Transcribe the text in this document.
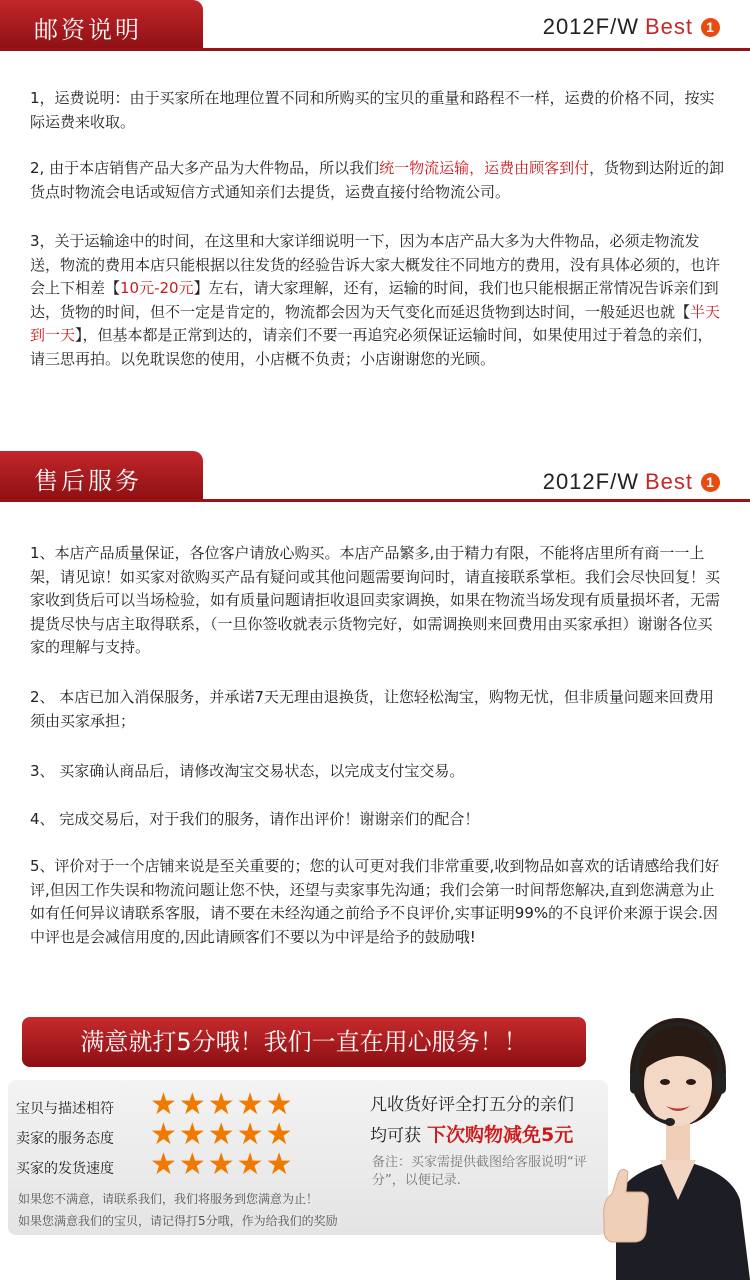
邮资说明	2012F/W Best 1
1，运费说明：由于买家所在地理位置不同和所购买的宝贝的重量和路程不一样，运费的价格不同，按实际运费来收取。
2, 由于本店销售产品大多产品为大件物品，所以我们统一物流运输，运费由顾客到付，货物到达附近的卸货点时物流会电话或短信方式通知亲们去提货，运费直接付给物流公司。
3，关于运输途中的时间，在这里和大家详细说明一下，因为本店产品大多为大件物品，必须走物流发送，物流的费用本店只能根据以往发货的经验告诉大家大概发往不同地方的费用，没有具体必须的，也许会上下相差【10元-20元】左右，请大家理解，还有，运输的时间，我们也只能根据正常情况告诉亲们到达，货物的时间，但不一定是肯定的，物流都会因为天气变化而延迟货物到达时间，一般延迟也就【半天到一天】，但基本都是正常到达的，请亲们不要一再追究必须保证运输时间，如果使用过于着急的亲们，请三思再拍。以免耽误您的使用，小店概不负责；小店谢谢您的光顾。
售后服务	2012F/W Best 1
1、本店产品质量保证，各位客户请放心购买。本店产品繁多,由于精力有限，不能将店里所有商一一上架，请见谅！如买家对欲购买产品有疑问或其他问题需要询问时，请直接联系掌柜。我们会尽快回复！买家收到货后可以当场检验，如有质量问题请拒收退回卖家调换，如果在物流当场发现有质量损坏者，无需提货尽快与店主取得联系，（一旦你签收就表示货物完好，如需调换则来回费用由买家承担）谢谢各位买家的理解与支持。
2、 本店已加入消保服务，并承诺7天无理由退换货，让您轻松淘宝，购物无忧，但非质量问题来回费用须由买家承担；
3、 买家确认商品后，请修改淘宝交易状态，以完成支付宝交易。
4、 完成交易后，对于我们的服务，请作出评价！谢谢亲们的配合！
5、评价对于一个店铺来说是至关重要的；您的认可更对我们非常重要,收到物品如喜欢的话请感给我们好评,但因工作失误和物流问题让您不快，还望与卖家事先沟通；我们会第一时间帮您解决,直到您满意为止如有任何异议请联系客服，请不要在未经沟通之前给予不良评价,实事证明99%的不良评价来源于误会.因中评也是会减信用度的,因此请顾客们不要以为中评是给予的鼓励哦!
满意就打5分哦！我们一直在用心服务！！
宝贝与描述相符	★★★★★
卖家的服务态度	★★★★★
买家的发货速度	★★★★★
如果您不满意，请联系我们，我们将服务到您满意为止！
如果您满意我们的宝贝，请记得打5分哦，作为给我们的奖励
凡收货好评全打五分的亲们
均可获 下次购物减免5元
备注：买家需提供截图给客服说明“评分”，以便记录.
